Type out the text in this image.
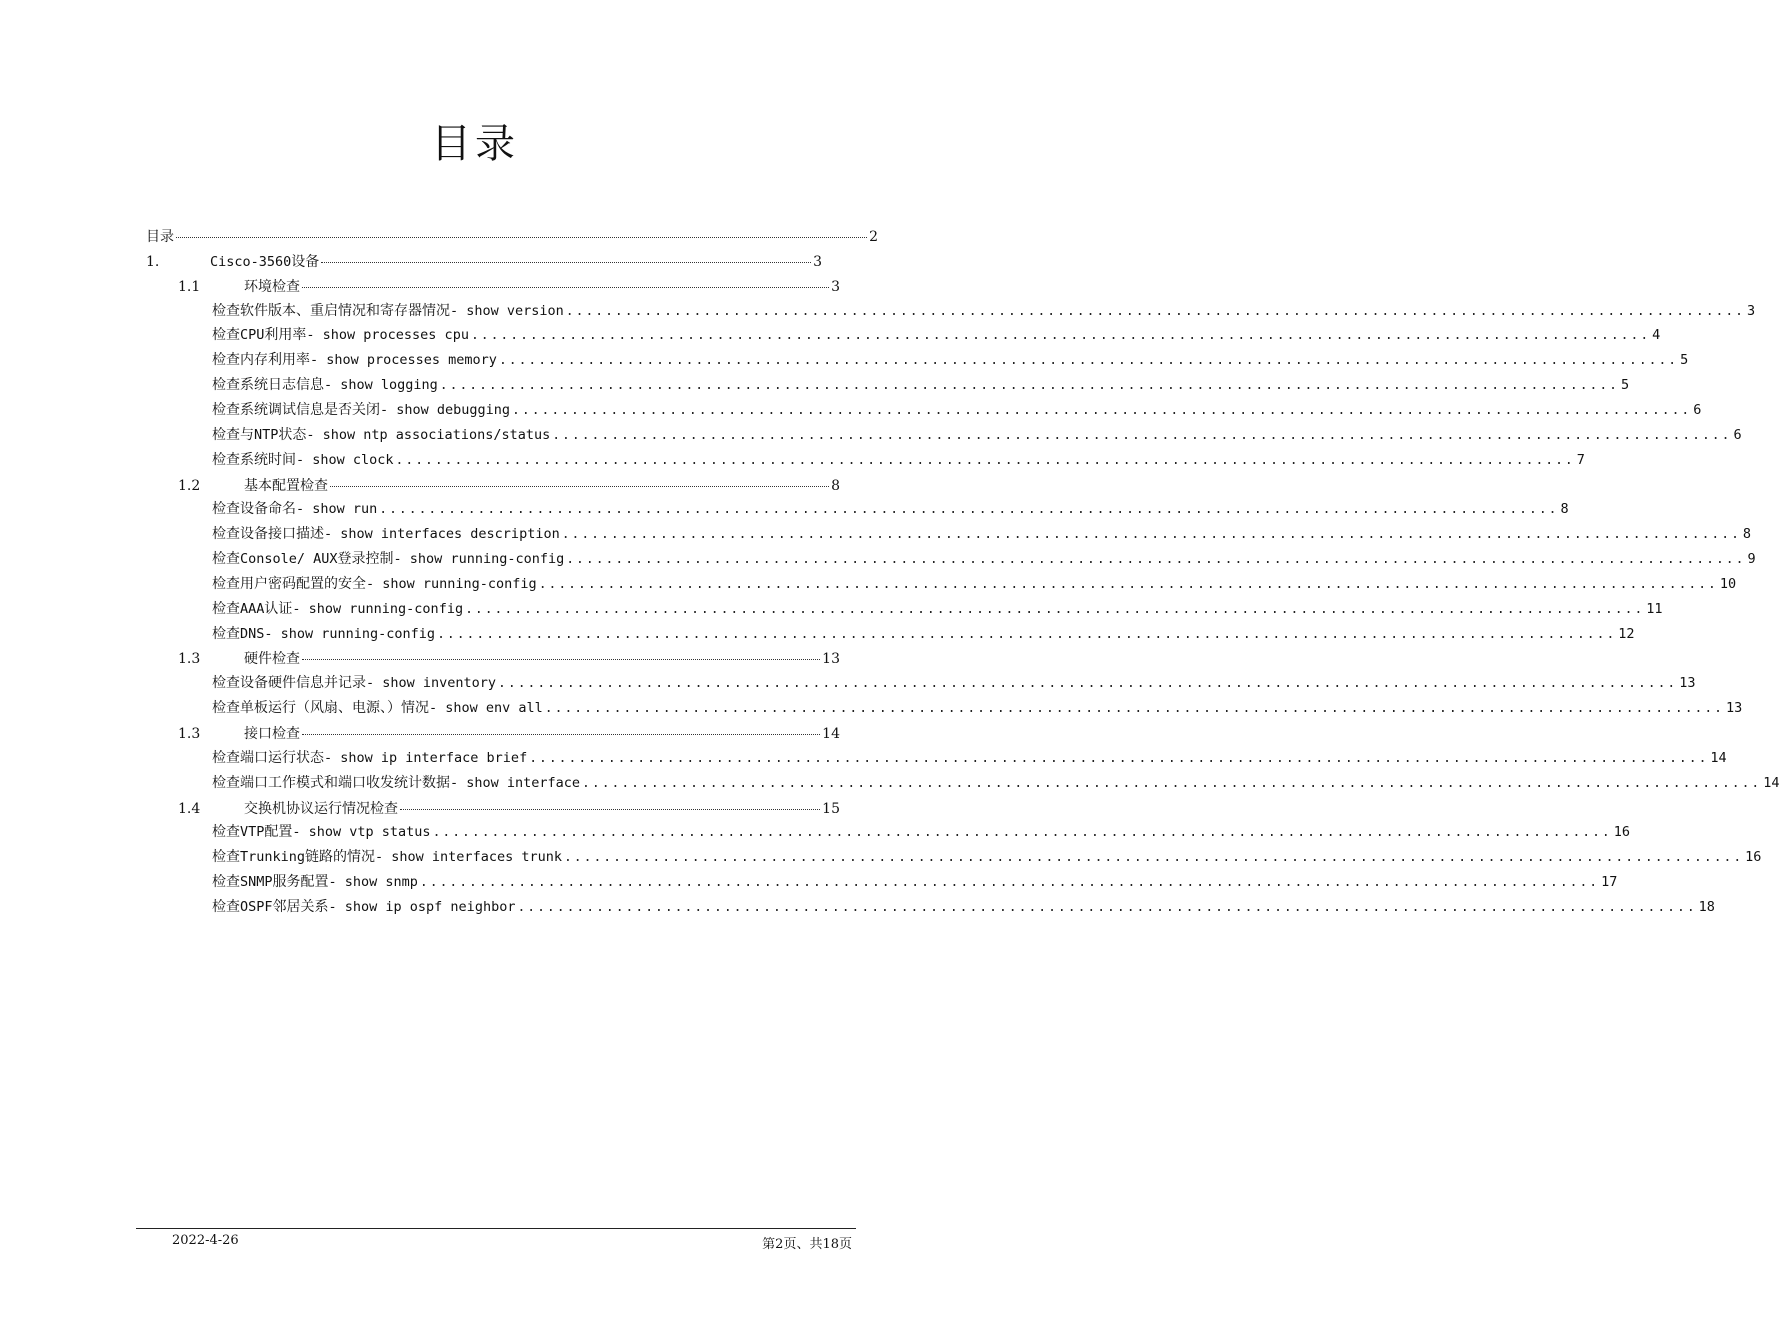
目录
目录	2
1.	Cisco-3560设备	3
1.1	环境检查	3
检查软件版本、重启情况和寄存器情况- show version ........................................................................................................................ 3
检查CPU利用率- show processes cpu ........................................................................................................................ 4
检查内存利用率- show processes memory ........................................................................................................................ 5
检查系统日志信息- show logging ........................................................................................................................ 5
检查系统调试信息是否关闭- show debugging ........................................................................................................................ 6
检查与NTP状态- show ntp associations/status ........................................................................................................................ 6
检查系统时间- show clock ........................................................................................................................ 7
1.2	基本配置检查	8
检查设备命名- show run ........................................................................................................................ 8
检查设备接口描述- show interfaces description ........................................................................................................................ 8
检查Console/ AUX登录控制- show running-config ........................................................................................................................ 9
检查用户密码配置的安全- show running-config ........................................................................................................................ 10
检查AAA认证- show running-config ........................................................................................................................ 11
检查DNS- show running-config ........................................................................................................................ 12
1.3	硬件检查	13
检查设备硬件信息并记录- show inventory ........................................................................................................................ 13
检查单板运行（风扇、电源、）情况- show env all ........................................................................................................................ 13
1.3	接口检查	14
检查端口运行状态- show ip interface brief ........................................................................................................................ 14
检查端口工作模式和端口收发统计数据- show interface ........................................................................................................................ 14
1.4	交换机协议运行情况检查	15
检查VTP配置- show vtp status ........................................................................................................................ 16
检查Trunking链路的情况- show interfaces trunk ........................................................................................................................ 16
检查SNMP服务配置- show snmp ........................................................................................................................ 17
检查OSPF邻居关系- show ip ospf neighbor ........................................................................................................................ 18
2022-4-26	第2页、共18页
